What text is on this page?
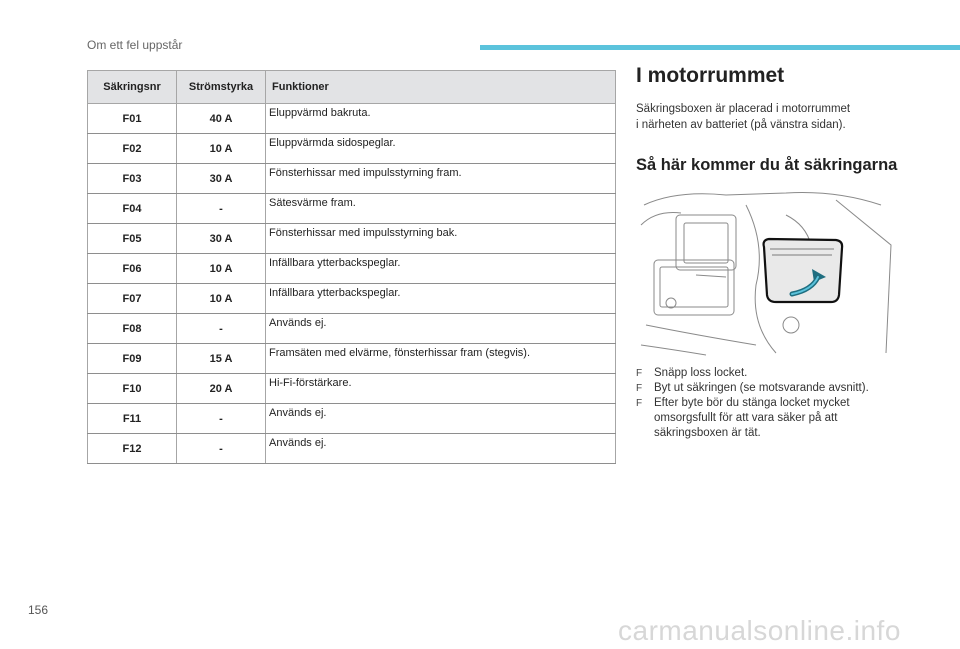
Om ett fel uppstår
Säkringsnr	Strömstyrka	Funktioner
F01	40 A	Eluppvärmd bakruta.
F02	10 A	Eluppvärmda sidospeglar.
F03	30 A	Fönsterhissar med impulsstyrning fram.
F04	-	Sätesvärme fram.
F05	30 A	Fönsterhissar med impulsstyrning bak.
F06	10 A	Infällbara ytterbackspeglar.
F07	10 A	Infällbara ytterbackspeglar.
F08	-	Används ej.
F09	15 A	Framsäten med elvärme, fönsterhissar fram (stegvis).
F10	20 A	Hi-Fi-förstärkare.
F11	-	Används ej.
F12	-	Används ej.
I motorrummet
Säkringsboxen är placerad i motorrummet
i närheten av batteriet (på vänstra sidan).
Så här kommer du åt säkringarna
F Snäpp loss locket.
F Byt ut säkringen (se motsvarande avsnitt).
F Efter byte bör du stänga locket mycket omsorgsfullt för att vara säker på att säkringsboxen är tät.
156
carmanualsonline.info
